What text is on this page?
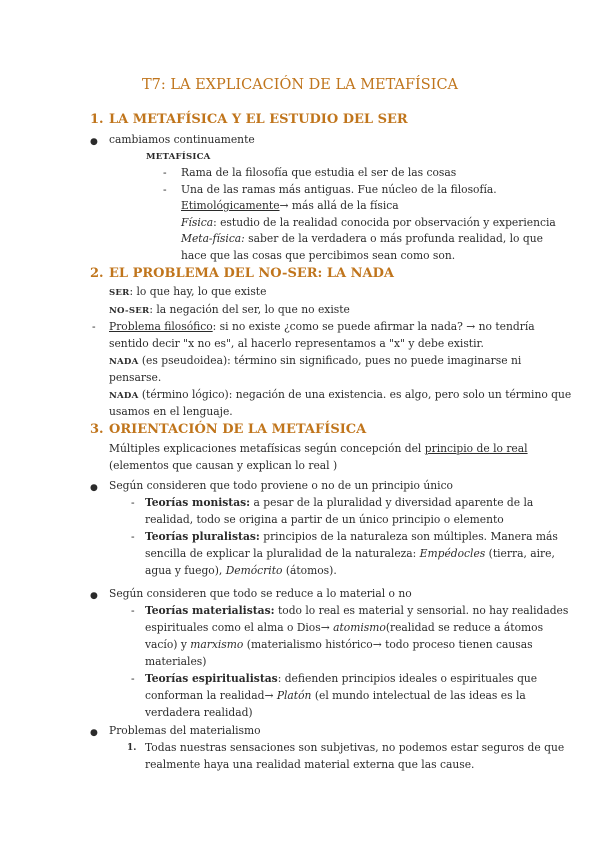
T7: LA EXPLICACIÓN DE LA METAFÍSICA
1. LA METAFÍSICA Y EL ESTUDIO DEL SER
● cambiamos continuamente
METAFÍSICA
- Rama de la filosofía que estudia el ser de las cosas
- Una de las ramas más antiguas. Fue núcleo de la filosofía.
Etimológicamente→ más allá de la física
Física: estudio de la realidad conocida por observación y experiencia
Meta-física: saber de la verdadera o más profunda realidad, lo que
hace que las cosas que percibimos sean como son.
2. EL PROBLEMA DEL NO-SER: LA NADA
SER: lo que hay, lo que existe
NO-SER: la negación del ser, lo que no existe
- Problema filosófico: si no existe ¿como se puede afirmar la nada? → no tendría
sentido decir "x no es", al hacerlo representamos a "x" y debe existir.
NADA (es pseudoidea): término sin significado, pues no puede imaginarse ni
pensarse.
NADA (término lógico): negación de una existencia. es algo, pero solo un término que
usamos en el lenguaje.
3. ORIENTACIÓN DE LA METAFÍSICA
Múltiples explicaciones metafísicas según concepción del principio de lo real
(elementos que causan y explican lo real )
● Según consideren que todo proviene o no de un principio único
- Teorías monistas: a pesar de la pluralidad y diversidad aparente de la
realidad, todo se origina a partir de un único principio o elemento
- Teorías pluralistas: principios de la naturaleza son múltiples. Manera más
sencilla de explicar la pluralidad de la naturaleza: Empédocles (tierra, aire,
agua y fuego), Demócrito (átomos).
● Según consideren que todo se reduce a lo material o no
- Teorías materialistas: todo lo real es material y sensorial. no hay realidades
espirituales como el alma o Dios→ atomismo(realidad se reduce a átomos
vacío) y marxismo (materialismo histórico→ todo proceso tienen causas
materiales)
- Teorías espiritualistas: defienden principios ideales o espirituales que
conforman la realidad→ Platón (el mundo intelectual de las ideas es la
verdadera realidad)
● Problemas del materialismo
1. Todas nuestras sensaciones son subjetivas, no podemos estar seguros de que
realmente haya una realidad material externa que las cause.
